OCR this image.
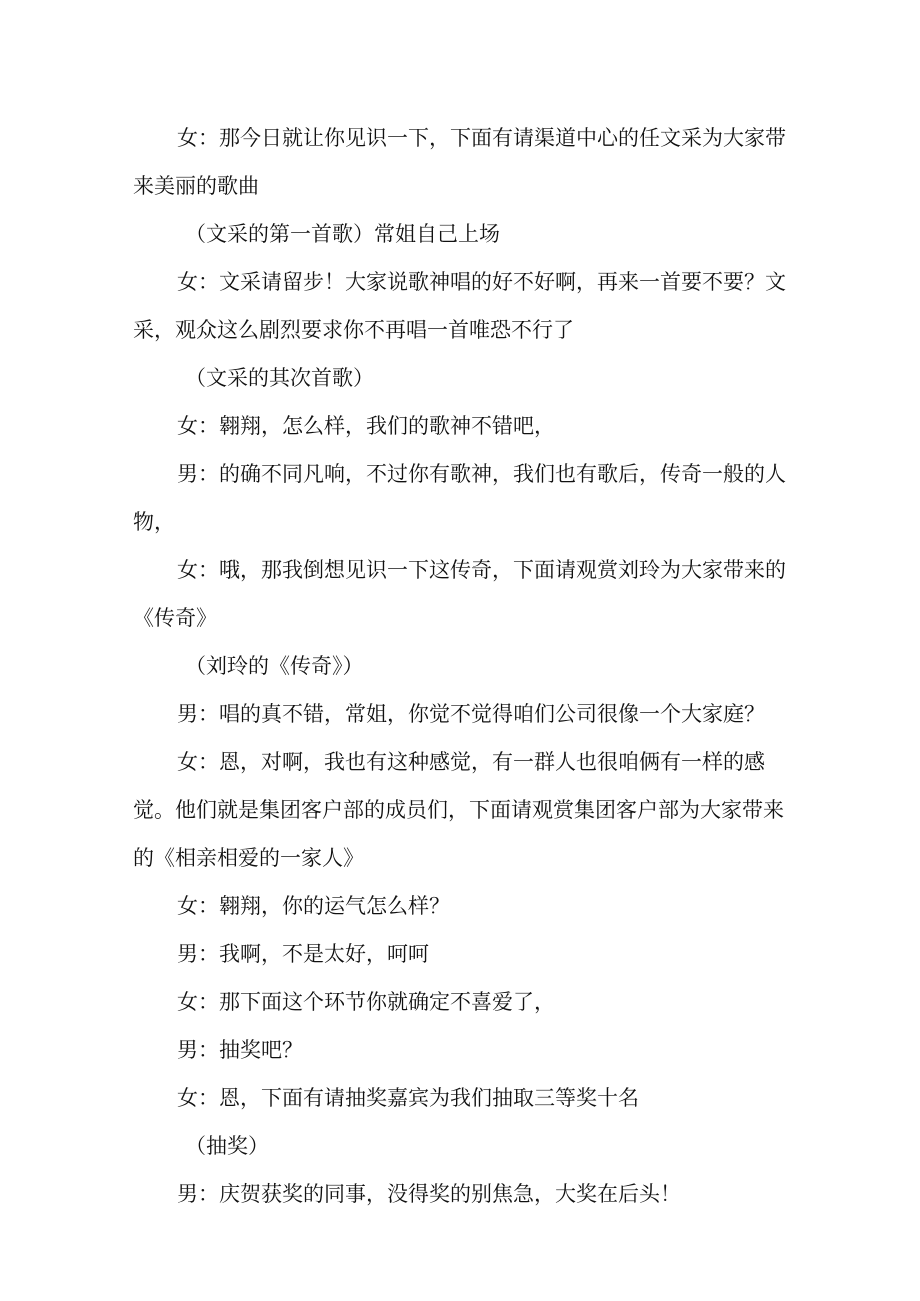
女：那今日就让你见识一下，下面有请渠道中心的任文采为大家带来美丽的歌曲

（文采的第一首歌）常姐自己上场

女：文采请留步！大家说歌神唱的好不好啊，再来一首要不要？文采，观众这么剧烈要求你不再唱一首唯恐不行了

（文采的其次首歌）

女：翱翔，怎么样，我们的歌神不错吧，

男：的确不同凡响，不过你有歌神，我们也有歌后，传奇一般的人物，

女：哦，那我倒想见识一下这传奇，下面请观赏刘玲为大家带来的《传奇》

（刘玲的《传奇》）

男：唱的真不错，常姐，你觉不觉得咱们公司很像一个大家庭？

女：恩，对啊，我也有这种感觉，有一群人也很咱俩有一样的感觉。他们就是集团客户部的成员们，下面请观赏集团客户部为大家带来的《相亲相爱的一家人》

女：翱翔，你的运气怎么样？

男：我啊，不是太好，呵呵

女：那下面这个环节你就确定不喜爱了，

男：抽奖吧？

女：恩，下面有请抽奖嘉宾为我们抽取三等奖十名

（抽奖）

男：庆贺获奖的同事，没得奖的别焦急，大奖在后头！
